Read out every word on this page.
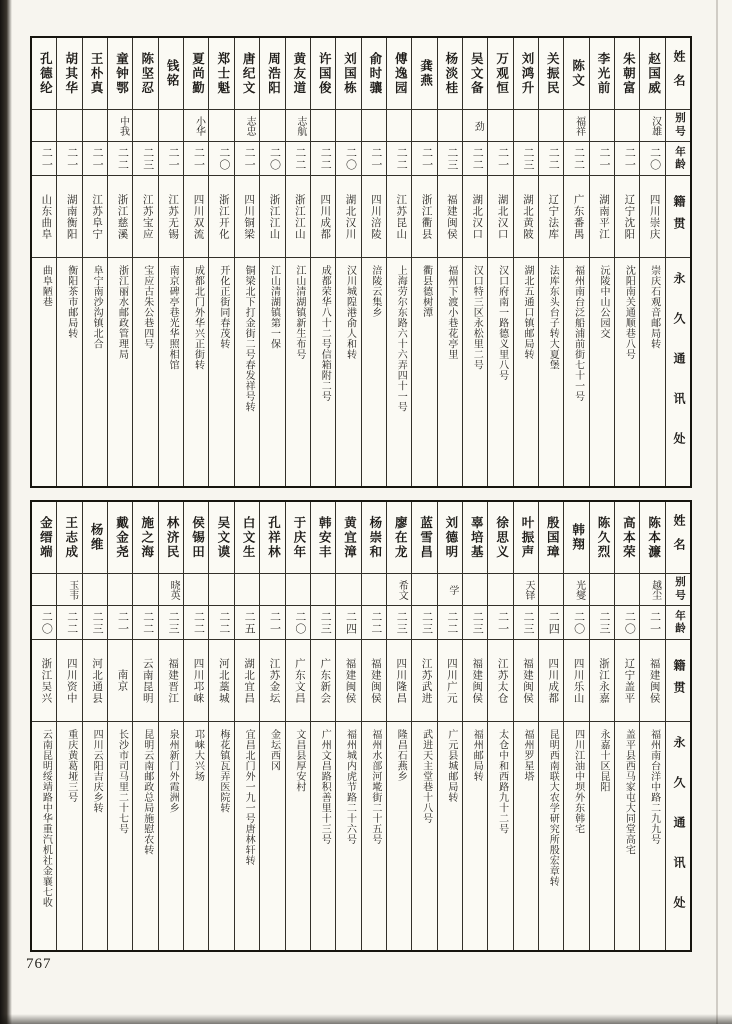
姓名
别号
年龄
籍贯
永久通讯处
赵国威
汉雄
二〇
四川崇庆
崇庆石观音邮局转
朱朝富
二一
辽宁沈阳
沈阳南关通顺巷八号
李光前
二一
湖南平江
沅陵中山公园交
陈文
福祥
二二
广东番禺
福州南台泛船浦前街七十一号
关振民
二二
辽宁法库
法库东头台子转大夏堡
刘鸿升
二三
湖北黄陂
湖北五通口镇邮局转
万观恒
二一
湖北汉口
汉口府南一路德义里八号
吴文备
劲
二二
湖北汉口
汉口特三区永松里二号
杨淡桂
二三
福建闽侯
福州下渡小巷花亭里
龚燕
二一
浙江衢县
衢县德树潭
傅逸园
二二
江苏昆山
上海劳尔东路六十六弄四十一号
俞时骧
二一
四川涪陵
涪陵云集乡
刘国栋
二〇
湖北汉川
汉川城隍港俞人和转
许国俊
二二
四川成都
成都荣华八十二号信箱附二号
黄友道
志航
二二
浙江江山
江山清湖镇新生布号
周浩阳
二〇
浙江江山
江山清湖镇第一保
唐纪文
志忠
二一
四川铜梁
铜梁北下打金街二号春发祥号转
郑士魁
二〇
浙江开化
开化正街同春茂转
夏尚勤
小华
二一
四川双流
成都北门外华兴正街转
钱铭
二一
江苏无锡
南京碑亭巷光华照相馆
陈坚忍
二三
江苏宝应
宝应古朱公巷四号
童钟鄂
中我
二二
浙江慈溪
浙江丽水邮政管理局
王朴真
二一
江苏阜宁
阜宁南沙沟镇北合
胡其华
二一
湖南衡阳
衡阳茶市邮局转
孔德纶
二一
山东曲阜
曲阜陋巷
姓名
别号
年龄
籍贯
永久通讯处
陈本濂
越尘
二一
福建闽侯
福州南台洋中路二九九号
高本荣
二〇
辽宁盖平
盖平县西马家屯大同堂高宅
陈久烈
二三
浙江永嘉
永嘉十区昆阳
韩翔
光燮
二〇
四川乐山
四川江油中坝外东韩宅
殷国璋
二四
四川成都
昆明西南联大农学研究所殷宏章转
叶振声
天铎
二三
福建闽侯
福州罗星塔
徐思义
二一
江苏太仓
太仓中和西路九十二号
辜培基
二三
福建闽侯
福州邮局转
刘德明
学
二二
四川广元
广元县城邮局转
蓝雪昌
二三
江苏武进
武进天主堂巷十八号
廖在龙
希文
二三
四川隆昌
隆昌石燕乡
杨崇和
二二
福建闽侯
福州水部河墘街二十五号
黄宜漳
二四
福建闽侯
福州城内虎节路二十六号
韩安丰
二三
广东新会
广州文昌路积善里十三号
于庆年
二〇
广东文昌
文昌县厚安村
孔祥林
二一
江苏金坛
金坛西冈
白文生
二五
湖北宜昌
宜昌北门外一九一号唐林轩转
吴文谟
二二
河北藁城
梅花镇瓦弄医院转
侯锡田
二二
四川邛崃
邛崃大兴场
林济民
晓英
二三
福建晋江
泉州新门外霞洲乡
施之海
二二
云南昆明
昆明云南邮政总局施慰农转
戴金尧
二一
南京
长沙市司马里二十七号
杨维
二三
河北通县
四川云阳吉庆乡转
王志成
玉韦
二二
四川资中
重庆黄葛垭三号
金缙端
二〇
浙江吴兴
云南昆明绥靖路中华重汽机社金襄七收
767
